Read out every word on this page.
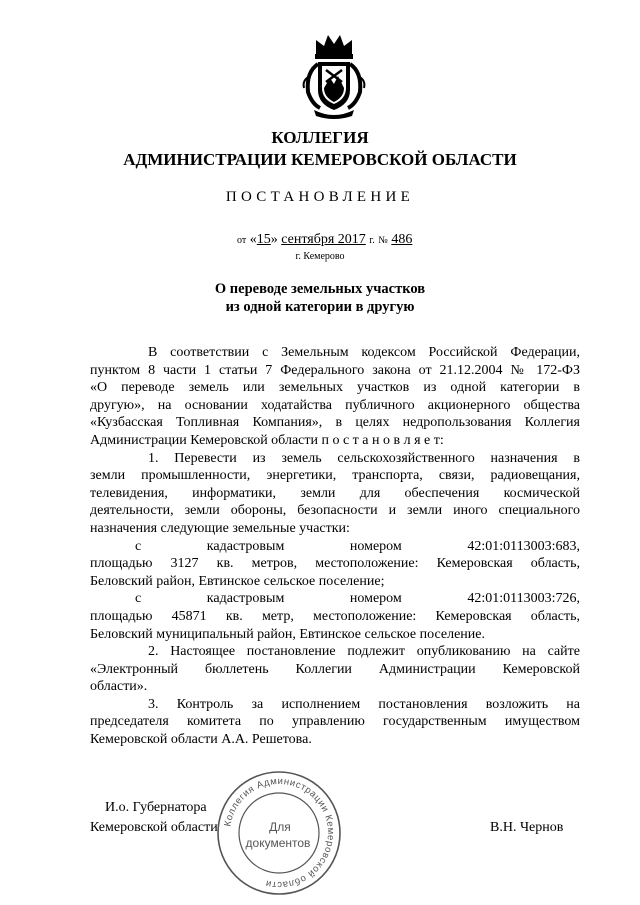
КОЛЛЕГИЯ
АДМИНИСТРАЦИИ КЕМЕРОВСКОЙ ОБЛАСТИ
ПОСТАНОВЛЕНИЕ
от «15» сентября 2017 г. № 486
г. Кемерово
О переводе земельных участков
из одной категории в другую

В соответствии с Земельным кодексом Российской Федерации,

пунктом 8 части 1 статьи 7 Федерального закона от 21.12.2004 № 172-ФЗ

«О переводе земель или земельных участков из одной категории в

другую», на основании ходатайства публичного акционерного общества

«Кузбасская Топливная Компания», в целях недропользования Коллегия

Администрации Кемеровской области п о с т а н о в л я е т:

1. Перевести из земель сельскохозяйственного назначения в

земли промышленности, энергетики, транспорта, связи, радиовещания,

телевидения, информатики, земли для обеспечения космической

деятельности, земли обороны, безопасности и земли иного специального

назначения следующие земельные участки:

с кадастровым номером 42:01:0113003:683,

площадью 3127 кв. метров, местоположение: Кемеровская область,

Беловский район, Евтинское сельское поселение;

с кадастровым номером 42:01:0113003:726,

площадью 45871 кв. метр, местоположение: Кемеровская область,

Беловский муниципальный район, Евтинское сельское поселение.

2. Настоящее постановление подлежит опубликованию на сайте

«Электронный бюллетень Коллегии Администрации Кемеровской

области».

3. Контроль за исполнением постановления возложить на

председателя комитета по управлению государственным имуществом

Кемеровской области А.А. Решетова.

И.о. Губернатора
Кемеровской области	В.Н. Чернов
Коллегия Администрации Кемеровской области
Для
документов
